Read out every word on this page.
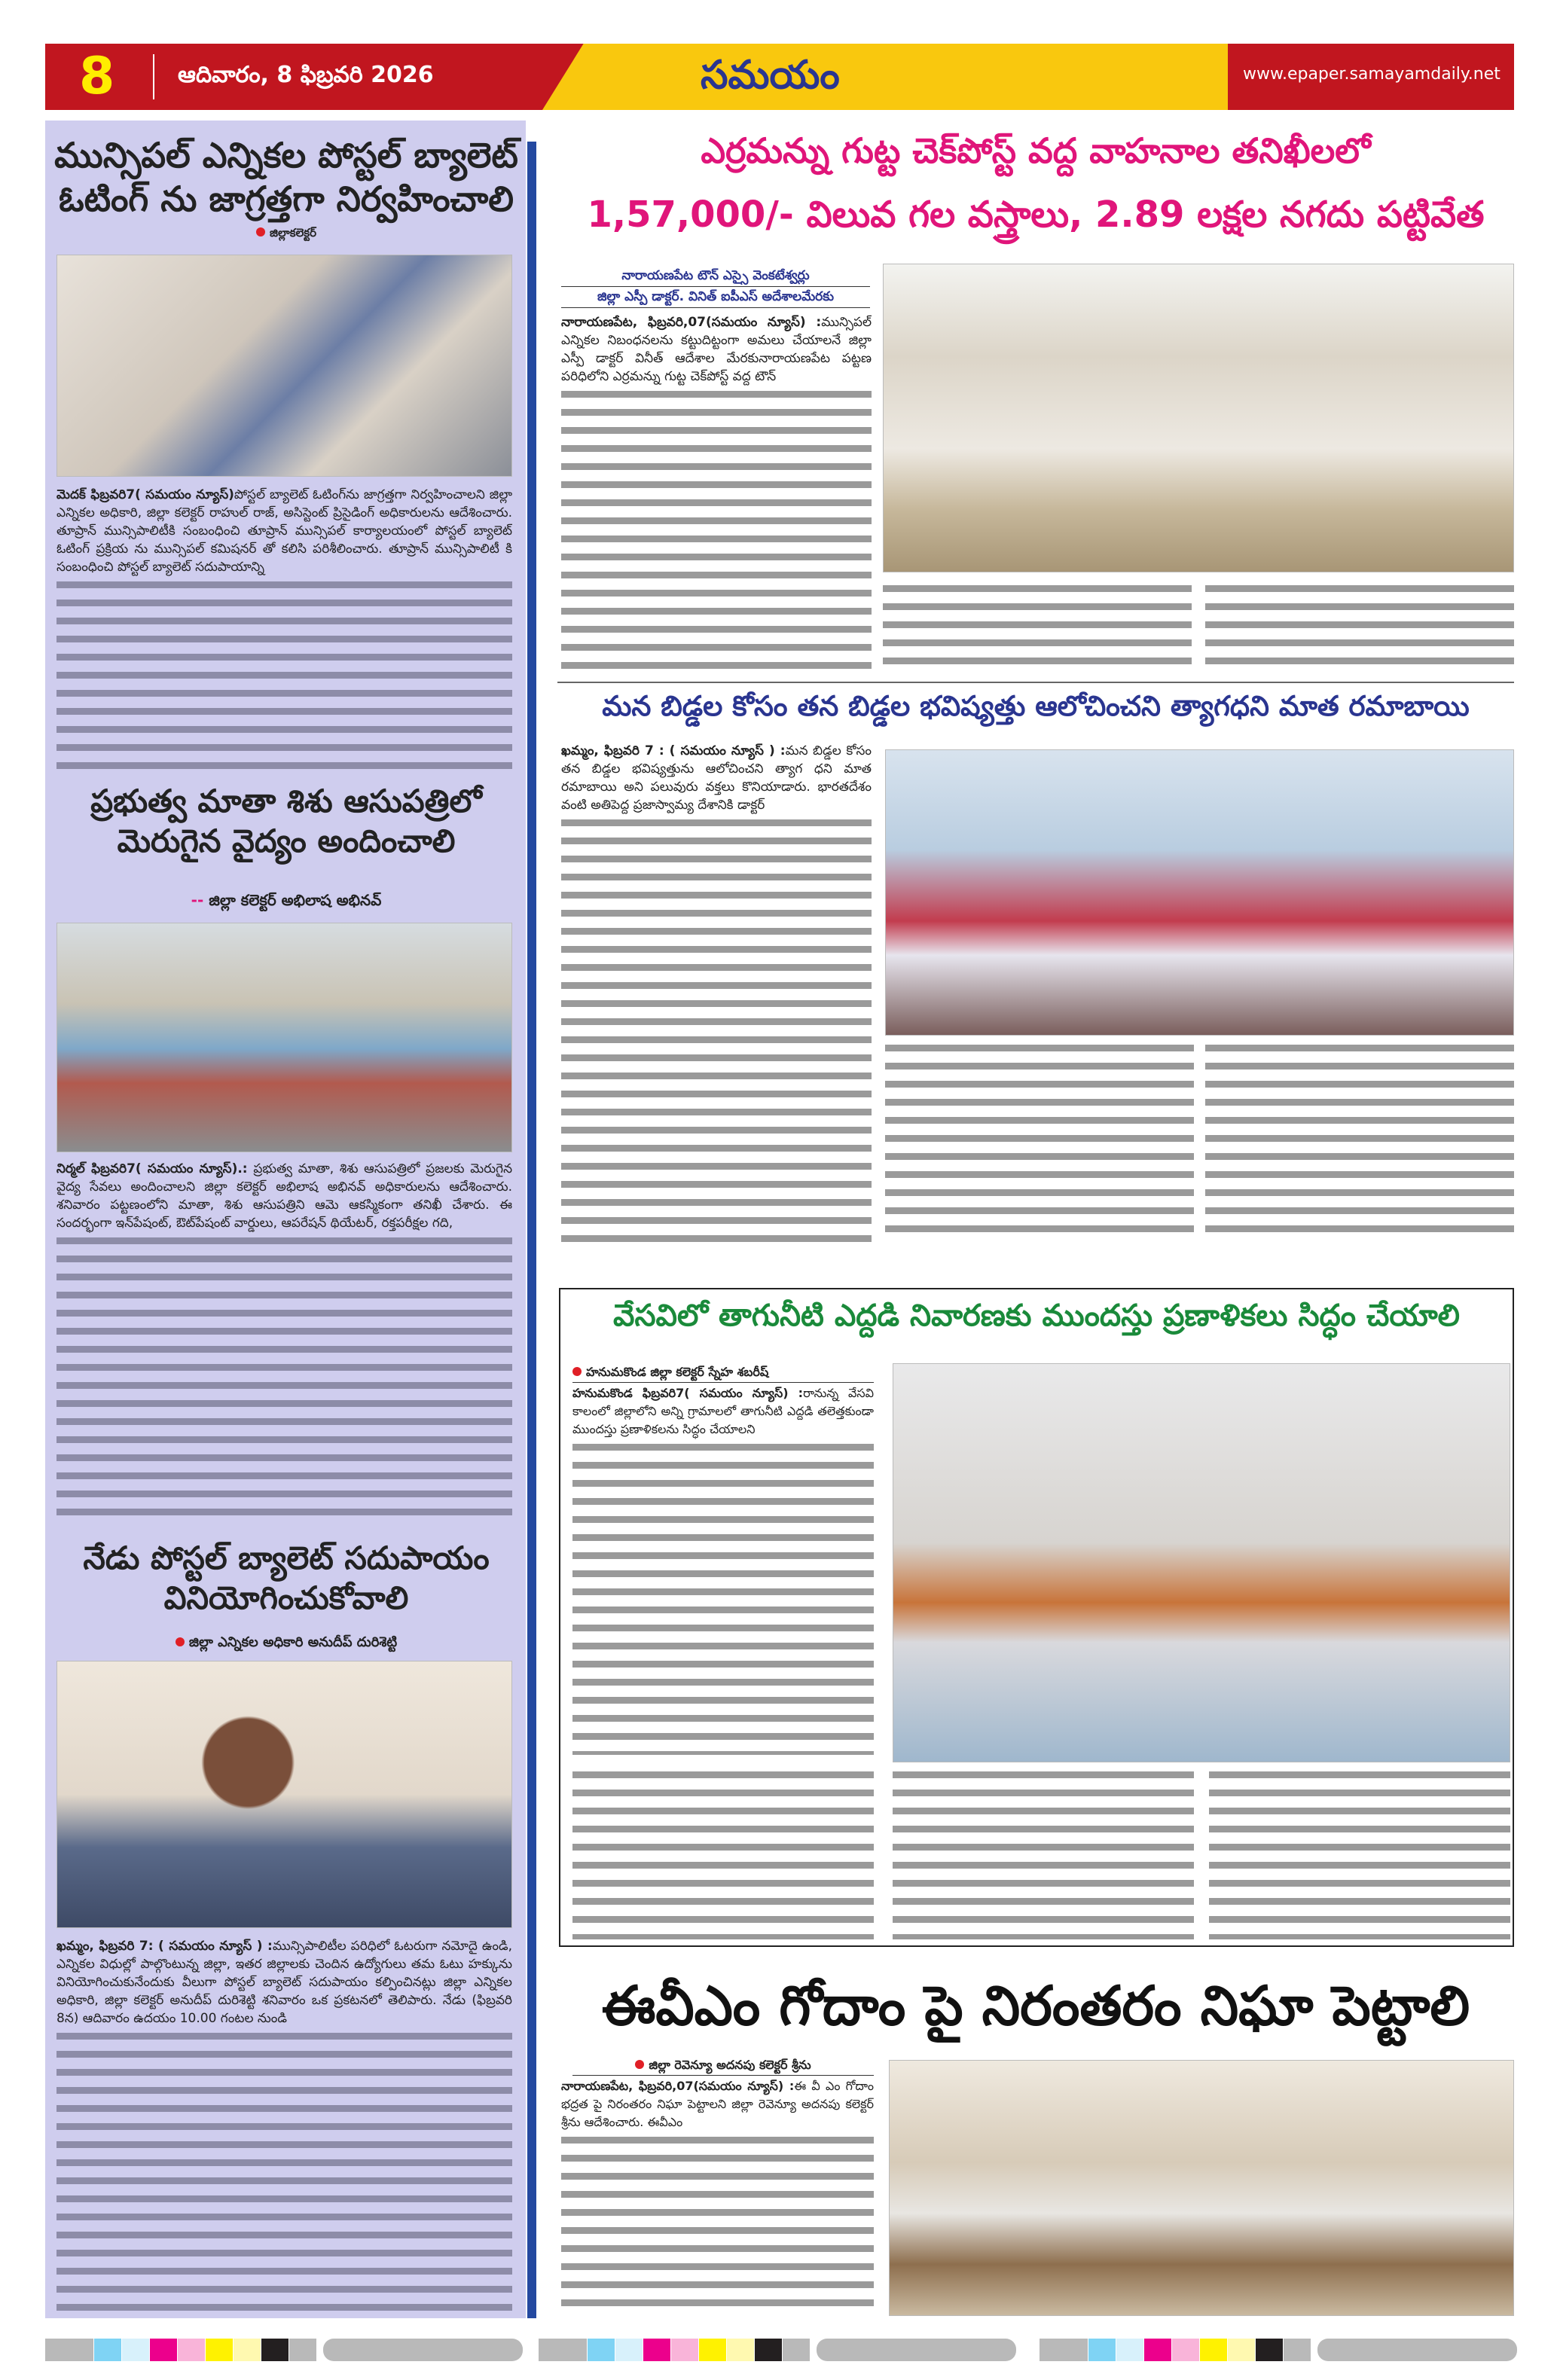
8	ఆదివారం, 8 ఫిబ్రవరి 2026	సమయం	www.epaper.samayamdaily.net
మున్సిపల్ ఎన్నికల పోస్టల్ బ్యాలెట్ ఓటింగ్ ను జాగ్రత్తగా నిర్వహించాలి
జిల్లాకలెక్టర్
మెదక్ ఫిబ్రవరి7( సమయం న్యూస్)పోస్టల్ బ్యాలెట్ ఓటింగ్‌ను జాగ్రత్తగా నిర్వహించాలని జిల్లా ఎన్నికల అధికారి, జిల్లా కలెక్టర్ రాహుల్ రాజ్, అసిస్టెంట్ ప్రిసైడింగ్ అధికారులను ఆదేశించారు. తూప్రాన్ మున్సిపాలిటీకి సంబంధించి తూప్రాన్ మున్సిపల్ కార్యాలయంలో పోస్టల్ బ్యాలెట్ ఓటింగ్ ప్రక్రియ ను మున్సిపల్ కమిషనర్ తో కలిసి పరిశీలించారు. తూప్రాన్ మున్సిపాలిటీ కి సంబంధించి పోస్టల్ బ్యాలెట్ సదుపాయాన్ని
ప్రభుత్వ మాతా శిశు ఆసుపత్రిలో మెరుగైన వైద్యం అందించాలి
-- జిల్లా కలెక్టర్ అభిలాష అభినవ్
నిర్మల్ ఫిబ్రవరి7( సమయం న్యూస్).: ప్రభుత్వ మాతా, శిశు ఆసుపత్రిలో ప్రజలకు మెరుగైన వైద్య సేవలు అందించాలని జిల్లా కలెక్టర్ అభిలాష అభినవ్ అధికారులను ఆదేశించారు. శనివారం పట్టణంలోని మాతా, శిశు ఆసుపత్రిని ఆమె ఆకస్మికంగా తనిఖీ చేశారు. ఈ సందర్భంగా ఇన్‌పేషంట్, ఔట్‌పేషంట్ వార్డులు, ఆపరేషన్ థియేటర్, రక్తపరీక్షల గది,
నేడు పోస్టల్ బ్యాలెట్ సదుపాయం వినియోగించుకోవాలి
జిల్లా ఎన్నికల అధికారి అనుదీప్ దురిశెట్టి
ఖమ్మం, ఫిబ్రవరి 7: ( సమయం న్యూస్ ) :మున్సిపాలిటీల పరిధిలో ఓటరుగా నమోదై ఉండి, ఎన్నికల విధుల్లో పాల్గొంటున్న జిల్లా, ఇతర జిల్లాలకు చెందిన ఉద్యోగులు తమ ఓటు హక్కును వినియోగించుకునేందుకు వీలుగా పోస్టల్ బ్యాలెట్ సదుపాయం కల్పించినట్లు జిల్లా ఎన్నికల అధికారి, జిల్లా కలెక్టర్ అనుదీప్ దురిశెట్టి శనివారం ఒక ప్రకటనలో తెలిపారు. నేడు (ఫిబ్రవరి 8న) ఆదివారం ఉదయం 10.00 గంటల నుండి
ఎర్రమన్ను గుట్ట చెక్‌పోస్ట్ వద్ద వాహనాల తనిఖీలలో
1,57,000/- విలువ గల వస్త్రాలు, 2.89 లక్షల నగదు పట్టివేత
నారాయణపేట టౌన్ ఎస్సై వెంకటేశ్వర్లు
జిల్లా ఎస్పీ డాక్టర్. వినిత్ ఐపీఎస్ అదేశాలమేరకు
నారాయణపేట, ఫిబ్రవరి,07(సమయం న్యూస్) :మున్సిపల్ ఎన్నికల నిబంధనలను కట్టుదిట్టంగా అమలు చేయాలనే జిల్లా ఎస్పీ డాక్టర్ వినీత్ ఆదేశాల మేరకునారాయణపేట పట్టణ పరిధిలోని ఎర్రమన్ను గుట్ట చెక్‌పోస్ట్ వద్ద టౌన్
మన బిడ్డల కోసం తన బిడ్డల భవిష్యత్తు ఆలోచించని త్యాగధని మాత రమాబాయి
ఖమ్మం, ఫిబ్రవరి 7 : ( సమయం న్యూస్ ) :మన బిడ్డల కోసం తన బిడ్డల భవిష్యత్తును ఆలోచించని త్యాగ ధని మాత రమాబాయి అని పలువురు వక్తలు కొనియాడారు. భారతదేశం వంటి అతిపెద్ద ప్రజాస్వామ్య దేశానికి డాక్టర్
వేసవిలో తాగునీటి ఎద్దడి నివారణకు ముందస్తు ప్రణాళికలు సిద్ధం చేయాలి
హనుమకొండ జిల్లా కలెక్టర్ స్నేహ శబరీష్
హనుమకొండ ఫిబ్రవరి7( సమయం న్యూస్) :రానున్న వేసవి కాలంలో జిల్లాలోని అన్ని గ్రామాలలో తాగునీటి ఎద్దడి తలెత్తకుండా ముందస్తు ప్రణాళికలను సిద్ధం చేయాలని
ఈవీఎం గోదాం పై నిరంతరం నిఘా పెట్టాలి
జిల్లా రెవెన్యూ అదనపు కలెక్టర్ శ్రీను
నారాయణపేట, ఫిబ్రవరి,07(సమయం న్యూస్) :ఈ వీ ఎం గోదాం భద్రత పై నిరంతరం నిఘా పెట్టాలని జిల్లా రెవెన్యూ అదనపు కలెక్టర్ శ్రీను ఆదేశించారు. ఈవీఎం
